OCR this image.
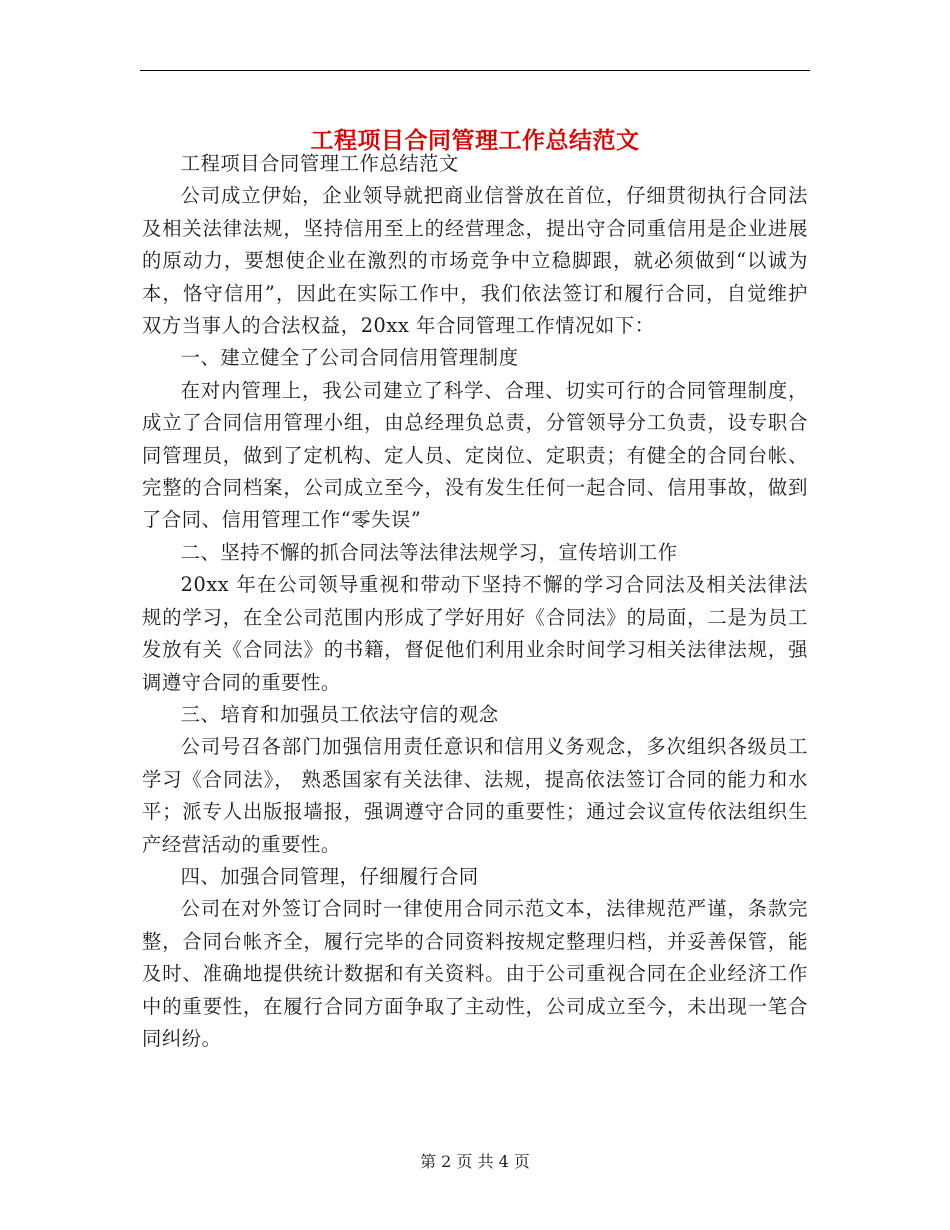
工程项目合同管理工作总结范文

工程项目合同管理工作总结范文

公司成立伊始，企业领导就把商业信誉放在首位，仔细贯彻执行合同法及相关法律法规，坚持信用至上的经营理念，提出守合同重信用是企业进展的原动力，要想使企业在激烈的市场竞争中立稳脚跟，就必须做到“以诚为本，恪守信用”，因此在实际工作中，我们依法签订和履行合同，自觉维护双方当事人的合法权益，20xx 年合同管理工作情况如下：

一、建立健全了公司合同信用管理制度

在对内管理上，我公司建立了科学、合理、切实可行的合同管理制度，成立了合同信用管理小组，由总经理负总责，分管领导分工负责，设专职合同管理员，做到了定机构、定人员、定岗位、定职责；有健全的合同台帐、完整的合同档案，公司成立至今，没有发生任何一起合同、信用事故，做到了合同、信用管理工作“零失误”

二、坚持不懈的抓合同法等法律法规学习，宣传培训工作

20xx 年在公司领导重视和带动下坚持不懈的学习合同法及相关法律法规的学习，在全公司范围内形成了学好用好《合同法》的局面，二是为员工发放有关《合同法》的书籍，督促他们利用业余时间学习相关法律法规，强调遵守合同的重要性。

三、培育和加强员工依法守信的观念

公司号召各部门加强信用责任意识和信用义务观念，多次组织各级员工学习《合同法》， 熟悉国家有关法律、法规，提高依法签订合同的能力和水平；派专人出版报墙报，强调遵守合同的重要性；通过会议宣传依法组织生产经营活动的重要性。

四、加强合同管理，仔细履行合同

公司在对外签订合同时一律使用合同示范文本，法律规范严谨，条款完整，合同台帐齐全，履行完毕的合同资料按规定整理归档，并妥善保管，能及时、准确地提供统计数据和有关资料。由于公司重视合同在企业经济工作中的重要性，在履行合同方面争取了主动性，公司成立至今，未出现一笔合同纠纷。

第 2 页 共 4 页
